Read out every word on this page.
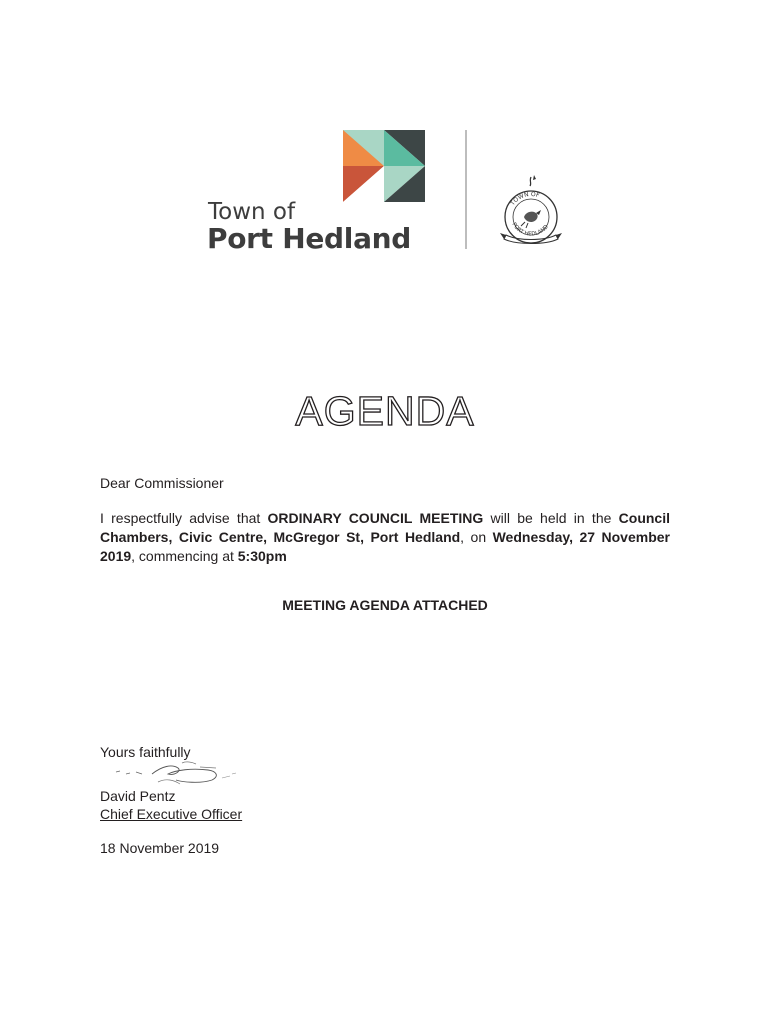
Town of
Port Hedland
TOWN OF
PORT HEDLAND
AGENDA
Dear Commissioner
I respectfully advise that ORDINARY COUNCIL MEETING will be held in the Council Chambers, Civic Centre, McGregor St, Port Hedland, on Wednesday, 27 November 2019, commencing at 5:30pm
MEETING AGENDA ATTACHED
Yours faithfully
David Pentz
Chief Executive Officer
18 November 2019
